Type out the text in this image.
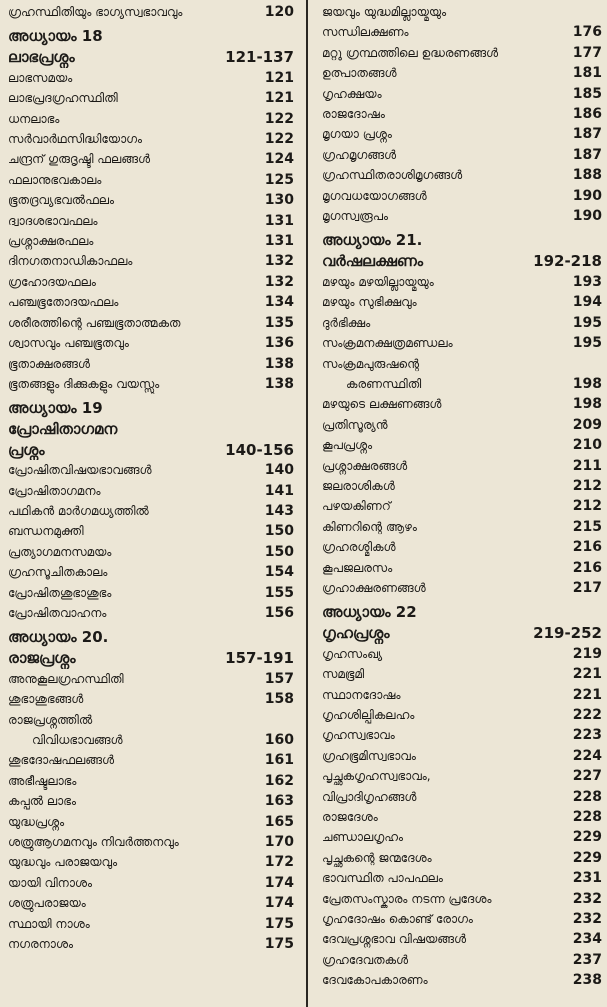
ഗ്രഹസ്ഥിതിയും ഭാഗ്യസ്വഭാവവും	120
അധ്യായം 18
ലാഭപ്രശ്നം	121-137
ലാഭസമയം	121
ലാഭപ്രദഗ്രഹസ്ഥിതി	121
ധനലാഭം	122
സർവാർഥസിദ്ധിയോഗം	122
ചന്ദ്രന് ഗുരുദൃഷ്ടി ഫലങ്ങൾ	124
ഫലാനുഭവകാലം	125
ഭൂതദ്രവ്യഭവൽഫലം	130
ദ്വാദശഭാവഫലം	131
പ്രശ്നാക്ഷരഫലം	131
ദിനഗതനാഡികാഫലം	132
ഗ്രഹോദയഫലം	132
പഞ്ചഭൂതോദയഫലം	134
ശരീരത്തിന്റെ പഞ്ചഭൂതാത്മകത	135
ശ്വാസവും പഞ്ചഭൂതവും	136
ഭൂതാക്ഷരങ്ങൾ	138
ഭൂതങ്ങളും ദിക്കുകളും വയസ്സും	138
അധ്യായം 19
പ്രോഷിതാഗമന
പ്രശ്നം	140-156
പ്രോഷിതവിഷയഭാവങ്ങൾ	140
പ്രോഷിതാഗമനം	141
പഥികൻ മാർഗമധ്യത്തിൽ	143
ബന്ധനമുക്തി	150
പ്രത്യാഗമനസമയം	150
ഗ്രഹസൂചിതകാലം	154
പ്രോഷിതശുഭാശുഭം	155
പ്രോഷിതവാഹനം	156
അധ്യായം 20.
രാജപ്രശ്നം	157-191
അനുകൂലഗ്രഹസ്ഥിതി	157
ശുഭാശുഭങ്ങൾ	158
രാജപ്രശ്നത്തിൽ
വിവിധഭാവങ്ങൾ	160
ശുഭദോഷഫലങ്ങൾ	161
അഭീഷ്ടലാഭം	162
കപ്പൽ ലാഭം	163
യുദ്ധപ്രശ്നം	165
ശത്രുആഗമനവും നിവർത്തനവും	170
യുദ്ധവും പരാജയവും	172
യായി വിനാശം	174
ശത്രുപരാജയം	174
സ്ഥായി നാശം	175
നഗരനാശം	175
ജയവും യുദ്ധമില്ലായ്മയും
സന്ധിലക്ഷണം	176
മറ്റു ഗ്രന്ഥത്തിലെ ഉദ്ധരണങ്ങൾ	177
ഉത്പാതങ്ങൾ	181
ഗൃഹക്ഷയം	185
രാജദോഷം	186
മൃഗയാ പ്രശ്നം	187
ഗ്രഹമൃഗങ്ങൾ	187
ഗ്രഹസ്ഥിതരാശിമൃഗങ്ങൾ	188
മൃഗവധയോഗങ്ങൾ	190
മൃഗസ്വരൂപം	190
അധ്യായം 21.
വർഷലക്ഷണം	192-218
മഴയും മഴയില്ലായ്മയും	193
മഴയും സുഭിക്ഷവും	194
ദുർഭിക്ഷം	195
സംക്രമനക്ഷത്രമണ്ഡലം	195
സംക്രമപുരുഷന്റെ
കരണസ്ഥിതി	198
മഴയുടെ ലക്ഷണങ്ങൾ	198
പ്രതിസൂര്യൻ	209
കൂപപ്രശ്നം	210
പ്രശ്നാക്ഷരങ്ങൾ	211
ജലരാശികൾ	212
പഴയകിണറ്	212
കിണറിന്റെ ആഴം	215
ഗ്രഹരശ്മികൾ	216
കൂപജലരസം	216
ഗ്രഹാക്ഷരണങ്ങൾ	217
അധ്യായം 22
ഗൃഹപ്രശ്നം	219-252
ഗൃഹസംഖ്യ	219
സമഭൂമി	221
സ്ഥാനദോഷം	221
ഗൃഹശില്പികലഹം	222
ഗൃഹസ്വഭാവം	223
ഗ്രഹഭൂമിസ്വഭാവം	224
പൃച്ഛകഗൃഹസ്വഭാവം,	227
വിപ്രാദിഗൃഹങ്ങൾ	228
രാജദേശം	228
ചണ്ഡാലഗൃഹം	229
പൃച്ഛകന്റെ ജന്മദേശം	229
ഭാവസ്ഥിത പാപഫലം	231
പ്രേതസംസ്കാരം നടന്ന പ്രദേശം	232
ഗൃഹദോഷം കൊണ്ട് രോഗം	232
ദേവപ്രശ്നഭാവ വിഷയങ്ങൾ	234
ഗ്രഹദേവതകൾ	237
ദേവകോപകാരണം	238
